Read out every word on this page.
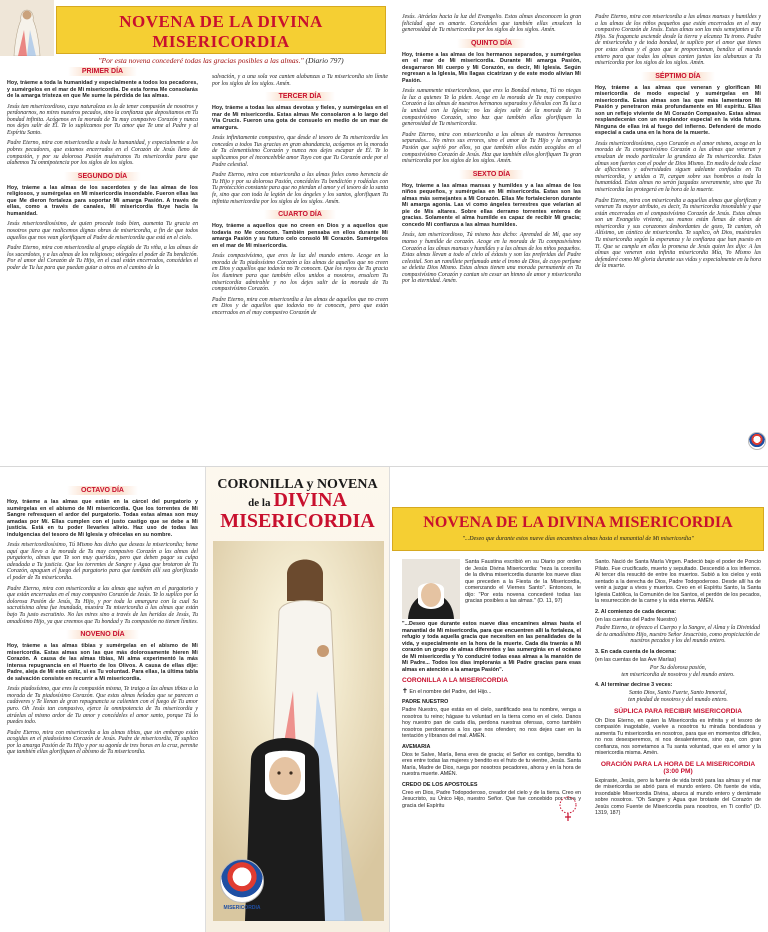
NOVENA DE LA DIVINA MISERICORDIA
"Por esta novena concederé todas las gracias posibles a las almas." (Diario 797)
PRIMER DÍA

Hoy, tráeme a toda la humanidad y especialmente a todos los pecadores, y sumérgelos en el mar de Mi misericordia. De esta forma Me consolarás de la amarga tristeza en que Me sume la pérdida de las almas.

Jesús tan misericordioso, cuya naturaleza es la de tener compasión de nosotros y perdonarnos, no mires nuestros pecados, sino la confianza que depositamos en Tu bondad infinita. Acógenos en la morada de Tu muy compasivo Corazón y nunca nos dejes salir de Él. Te lo suplicamos por Tu amor que Te une al Padre y al Espíritu Santo.

Padre Eterno, mira con misericordia a toda la humanidad, y especialmente a los pobres pecadores, que estamos encerrados en el Corazón de Jesús lleno de compasión, y por su dolorosa Pasión muéstranos Tu misericordia para que alabemos Tu omnipotencia por los siglos de los siglos.

SEGUNDO DÍA

Hoy, tráeme a las almas de los sacerdotes y de las almas de los religiosos, y sumérgelas en Mi misericordia insondable. Fueron ellas las que Me dieron fortaleza para soportar Mi amarga Pasión. A través de ellas, como a través de canales, Mi misericordia fluye hacia la humanidad.

Jesús misericordiosísimo, de quien procede todo bien, aumenta Tu gracia en nosotros para que realicemos dignas obras de misericordia, a fin de que todos aquellos que nos vean glorifiquen al Padre de misericordia que está en el cielo.

Padre Eterno, mira con misericordia al grupo elegido de Tu viña, a las almas de los sacerdotes, y a las almas de los religiosos; otórgales el poder de Tu bendición. Por el amor del Corazón de Tu Hijo, en el cual están encerrados, concédeles el poder de Tu luz para que puedan guiar a otros en el camino de la

salvación, y a una sola voz canten alabanzas a Tu misericordia sin límite por los siglos de los siglos. Amén.

TERCER DÍA

Hoy, tráeme a todas las almas devotas y fieles, y sumérgelas en el mar de Mi misericordia. Estas almas Me consolaron a lo largo del Vía Crucis. Fueron una gota de consuelo en medio de un mar de amargura.

Jesús infinitamente compasivo, que desde el tesoro de Tu misericordia les concedes a todos Tus gracias en gran abundancia, acógenos en la morada de Tu clementísimo Corazón y nunca nos dejes escapar de Él. Te lo suplicamos por el inconcebible amor Tuyo con que Tu Corazón arde por el Padre celestial.

Padre Eterno, mira con misericordia a las almas fieles como herencia de Tu Hijo y por su dolorosa Pasión, concédeles Tu bendición y rodéalas con Tu protección constante para que no pierdan el amor y el tesoro de la santa fe, sino que con toda la legión de los ángeles y los santos, glorifiquen Tu infinita misericordia por los siglos de los siglos. Amén.

CUARTO DÍA

Hoy, tráeme a aquellos que no creen en Dios y a aquellos que todavía no Me conocen. También pensaba en ellos durante Mi amarga Pasión y su futuro celo consoló Mi Corazón. Sumérgelos en el mar de Mi misericordia.

Jesús compasivísimo, que eres la luz del mundo entero. Acoge en la morada de Tu piadosísimo Corazón a las almas de aquellos que no creen en Dios y aquellos que todavía no Te conocen. Que los rayos de Tu gracia los iluminen para que también ellos unidos a nosotros, ensalcen Tu misericordia admirable y no los dejes salir de la morada de Tu compasivísimo Corazón.

Padre Eterno, mira con misericordia a las almas de aquellos que no creen en Dios y de aquellos que todavía no te conocen, pero que están encerrados en el muy compasivo Corazón de

Jesús. Atráelas hacia la luz del Evangelio. Estas almas desconocen la gran felicidad que es amarte. Concédeles que también ellas ensalcen la generosidad de Tu misericordia por los siglos de los siglos. Amén.

QUINTO DÍA

Hoy, tráeme a las almas de los hermanos separados, y sumérgelas en el mar de Mi misericordia. Durante Mi amarga Pasión, desgarraron Mi cuerpo y Mi Corazón, es decir, Mi Iglesia. Según regresan a la Iglesia, Mis llagas cicatrizan y de este modo alivian Mi Pasión.

Jesús sumamente misericordioso, que eres la Bondad misma, Tú no niegas la luz a quienes Te la piden. Acoge en la morada de Tu muy compasivo Corazón a las almas de nuestros hermanos separados y llévalas con Tu luz a la unidad con la Iglesia; no las dejes salir de la morada de Tu compasivísimo Corazón, sino haz que también ellas glorifiquen la generosidad de Tu misericordia.

Padre Eterno, mira con misericordia a las almas de nuestros hermanos separados... No mires sus errores, sino el amor de Tu Hijo y la amarga Pasión que sufrió por ellos, ya que también ellos están acogidos en el compasivísimo Corazón de Jesús. Haz que también ellos glorifiquen Tu gran misericordia por los siglos de los siglos. Amén.

SEXTO DÍA

Hoy, tráeme a las almas mansas y humildes y a las almas de los niños pequeños, y sumérgelas en Mi misericordia. Estas son las almas más semejantes a Mi Corazón. Ellas Me fortalecieron durante Mi amarga agonía. Las vi como ángeles terrestres que velarían al pie de Mis altares. Sobre ellas derramo torrentes enteros de gracias. Solamente el alma humilde es capaz de recibir Mi gracia; concedo Mi confianza a las almas humildes.

Jesús, tan misericordioso, Tú mismo has dicho: Aprended de Mí, que soy manso y humilde de corazón. Acoge en la morada de Tu compasivísimo Corazón a las almas mansas y humildes y a las almas de los niños pequeños. Estas almas llevan a todo el cielo al éxtasis y son las preferidas del Padre celestial. Son un ramillete perfumado ante el trono de Dios, de cuyo perfume se deleita Dios Mismo. Estas almas tienen una morada permanente en Tu compasivísimo Corazón y cantan sin cesar un himno de amor y misericordia por la eternidad. Amén.

Padre Eterno, mira con misericordia a las almas mansas y humildes y a las almas de los niños pequeños que están encerradas en el muy compasivo Corazón de Jesús. Estas almas son las más semejantes a Tu Hijo. Su fragancia asciende desde la tierra y alcanza Tu trono. Padre de misericordia y de toda bondad, te suplico por el amor que tienes por estas almas y el gozo que te proporcionan, bendice al mundo entero para que todas las almas canten juntas las alabanzas a Tu misericordia por los siglos de los siglos. Amén.

SÉPTIMO DÍA

Hoy, tráeme a las almas que veneran y glorifican Mi misericordia de modo especial y sumérgelas en Mi misericordia. Estas almas son las que más lamentaron Mi Pasión y penetraron más profundamente en Mi espíritu. Ellas son un reflejo viviente de Mi Corazón Compasivo. Estas almas resplandecerán con un resplandor especial en la vida futura. Ninguna de ellas irá al fuego del infierno. Defenderé de modo especial a cada una en la hora de la muerte.

Jesús misericordiosísimo, cuyo Corazón es el amor mismo, acoge en la morada de Tu compasivísimo Corazón a las almas que veneran y ensalzan de modo particular la grandeza de Tu misericordia. Estas almas son fuertes con el poder de Dios Mismo. En medio de toda clase de aflicciones y adversidades siguen adelante confiadas en Tu misericordia, y unidas a Ti, cargan sobre sus hombros a toda la humanidad. Estas almas no serán juzgadas severamente, sino que Tu misericordia las protegerá en la hora de la muerte.

Padre Eterno, mira con misericordia a aquellas almas que glorifican y veneran Tu mayor atributo, es decir, Tu misericordia insondable y que están encerradas en el compasivísimo Corazón de Jesús. Estas almas son un Evangelio viviente, sus manos están llenas de obras de misericordia y sus corazones desbordantes de gozo, Te cantan, oh Altísimo, un cántico de misericordia. Te suplico, oh Dios, muéstrales Tu misericordia según la esperanza y la confianza que han puesto en Ti. Que se cumpla en ellas la promesa de Jesús quien les dijo: A las almas que veneren esta infinita misericordia Mía, Yo Mismo las defenderé como Mi gloria durante sus vidas y especialmente en la hora de la muerte.

OCTAVO DÍA

Hoy, tráeme a las almas que están en la cárcel del purgatorio y sumérgelas en el abismo de Mi misericordia. Que los torrentes de Mi Sangre refresquen el ardor del purgatorio. Todas estas almas son muy amadas por Mí. Ellas cumplen con el justo castigo que se debe a Mi justicia. Está en tu poder llevarles alivio. Haz uso de todas las indulgencias del tesoro de Mi Iglesia y ofrécelas en su nombre.

Jesús misericordiosísimo, Tú Mismo has dicho que deseas la misericordia; heme aquí que llevo a la morada de Tu muy compasivo Corazón a las almas del purgatorio, almas que Te son muy queridas, pero que deben pagar su culpa adeudada a Tu justicia. Que los torrentes de Sangre y Agua que brotaron de Tu Corazón, apaguen el fuego del purgatorio para que también allí sea glorificado el poder de Tu misericordia.

Padre Eterno, mira con misericordia a las almas que sufren en el purgatorio y que están encerradas en el muy compasivo Corazón de Jesús. Te lo suplico por la dolorosa Pasión de Jesús, Tu Hijo, y por toda la amargura con la cual Su sacratísima alma fue inundada, muestra Tu misericordia a las almas que están bajo Tu justo escrutinio. No las mires sino a través de las heridas de Jesús, Tu amadísimo Hijo, ya que creemos que Tu bondad y Tu compasión no tienen límites.

NOVENO DÍA

Hoy, tráeme a las almas tibias y sumérgelas en el abismo de Mi misericordia. Estas almas son las que más dolorosamente hieren Mi Corazón. A causa de las almas tibias, Mi alma experimentó la más intensa repugnancia en el Huerto de los Olivos. A causa de ellas dije: Padre, aleja de Mí este cáliz, si es Tu voluntad. Para ellas, la última tabla de salvación consiste en recurrir a Mi misericordia.

Jesús piadosísimo, que eres la compasión misma, Te traigo a las almas tibias a la morada de Tu piadosísimo Corazón. Que estas almas heladas que se parecen a cadáveres y Te llenan de gran repugnancia se calienten con el fuego de Tu amor puro. Oh Jesús tan compasivo, ejerce la omnipotencia de Tu misericordia y atráelas al mismo ardor de Tu amor y concédeles el amor santo, porque Tú lo puedes todo.

Padre Eterno, mira con misericordia a las almas tibias, que sin embargo están acogidas en el piadosísimo Corazón de Jesús. Padre de misericordia, Te suplico por la amarga Pasión de Tu Hijo y por su agonía de tres horas en la cruz, permite que también ellas glorifiquen el abismo de Tu misericordia.

CORONILLA y NOVENA
de la DIVINA
MISERICORDIA
MISERICORDIA
NOVENA DE LA DIVINA MISERICORDIA
"...Deseo que durante estos nueve días encamines almas hasta el manantial de Mi misericordia"

Santa Faustina escribió en su Diario por orden de Jesús Divina Misericordia: "reza la coronilla de la divina misericordia durante los nueve días que preceden a la Fiesta de la Misericordia, comenzando el Viernes Santo". Entonces, le dijo: "Por esta novena concederé todas las gracias posibles a las almas." (D. 11, 97)

"...Deseo que durante estos nueve días encamines almas hasta el manantial de Mi misericordia, para que encuentren allí la fortaleza, el refugio y toda aquella gracia que necesiten en las penalidades de la vida, y especialmente en la hora de la muerte. Cada día traerás a Mi corazón un grupo de almas diferentes y las sumergirás en el océano de Mi misericordia y Yo conduciré todas esas almas a la mansión de Mi Padre... Todos los días implorarás a Mi Padre gracias para esas almas en atención a la amarga Pasión".

CORONILLA A LA MISERICORDIA
✝ En el nombre del Padre, del Hijo...
PADRE NUESTRO

Padre Nuestro, que estás en el cielo, santificado sea tu nombre, venga a nosotros tu reino; hágase tu voluntad en la tierra como en el cielo. Danos hoy nuestro pan de cada día, perdona nuestras ofensas, como también nosotros perdonamos a los que nos ofenden; no nos dejes caer en la tentación y líbranos del mal. AMÉN.

AVEMARIA

Dios te Salve, María, llena eres de gracia; el Señor es contigo, bendita tú eres entre todas las mujeres y bendito es el fruto de tu vientre, Jesús. Santa María, Madre de Dios, ruega por nosotros pecadores, ahora y en la hora de nuestra muerte. AMÉN.

CREDO DE LOS APOSTOLES

Creo en Dios, Padre Todopoderoso, creador del cielo y de la tierra. Creo en Jesucristo, su Único Hijo, nuestro Señor. Que fue concebido por obra y gracia del Espíritu

Santo. Nació de Santa María Virgen. Padeció bajo el poder de Poncio Pilato. Fue crucificado, muerto y sepultado. Descendió a los infiernos. Al tercer día resucitó de entre los muertos. Subió a los cielos y está sentado a la derecha de Dios, Padre Todopoderoso. Desde allí ha de venir a juzgar a vivos y muertos. Creo en el Espíritu Santo, la Santa Iglesia Católica, la Comunión de los Santos, el perdón de los pecados, la resurrección de la carne y la vida eterna. AMÉN.

2. Al comienzo de cada decena:

(en las cuentas del Padre Nuestro)

Padre Eterno, te ofrezco el Cuerpo y la Sangre, el Alma y la Divinidad de tu amadísimo Hijo, nuestro Señor Jesucristo, como propiciación de nuestros pecados y los del mundo entero.

3. En cada cuenta de la decena:

(en las cuentas de las Ave Marías)

Por Su dolorosa pasión,

ten misericordia de nosotros y del mundo entero.

4. Al terminar decirse 3 veces:

Santo Dios, Santo Fuerte, Santo Inmortal,

ten piedad de nosotros y del mundo entero.

SÚPLICA PARA RECIBIR MISERICORDIA

Oh Dios Eterno, en quien la Misericordia es infinita y el tesoro de compasión inagotable, vuelve a nosotros tu mirada bondadosa y aumenta Tu misericordia en nosotros, para que en momentos difíciles, no nos desesperemos, ni nos desalentemos, sino que, con gran confianza, nos sometamos a Tu santa voluntad, que es el amor y la misericordia misma. Amén.

ORACIÓN PARA LA HORA DE LA MISERICORDIA (3:00 PM)

Expiraste, Jesús, pero la fuente de vida brotó para las almas y el mar de misericordia se abrió para el mundo entero. Oh fuente de vida, insondable Misericordia Divina, abarca al mundo entero y derrámate sobre nosotros. "Oh Sangre y Agua que brotaste del Corazón de Jesús como Fuente de Misericordia para nosotros, en Ti confío" (D. 1319, 187)
